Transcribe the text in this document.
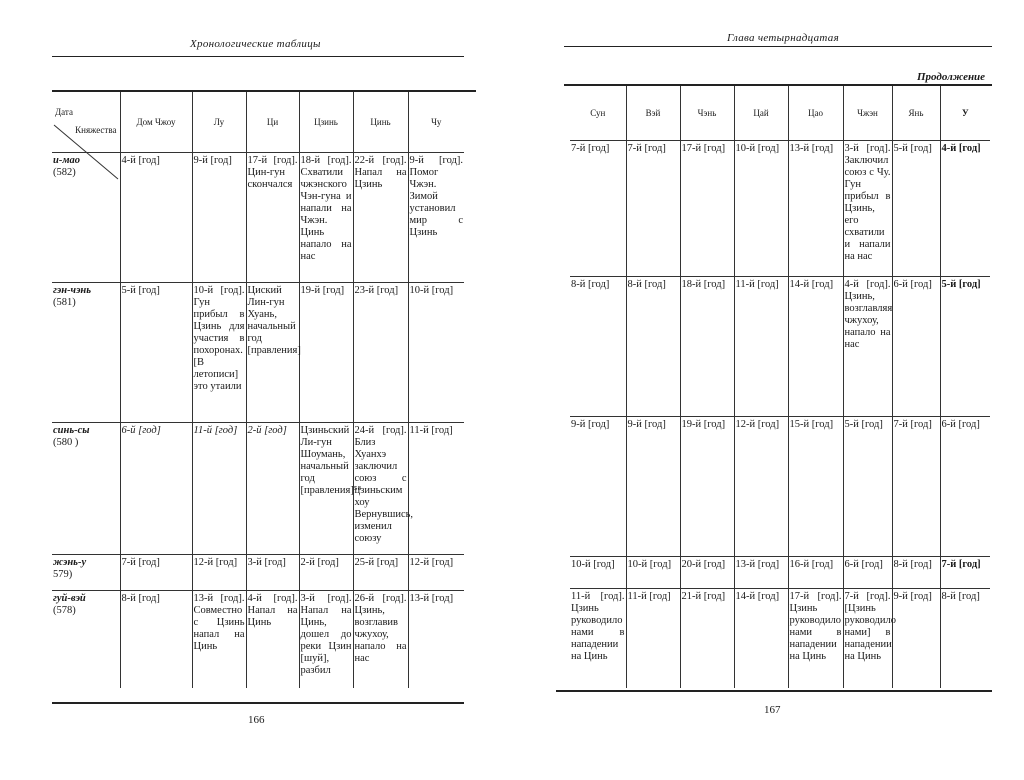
Хронологические таблицы
Княжества
Дата	Дом Чжоу	Лу	Ци	Цзинь	Цинь	Чу

и-мао
(582)	4-й [год]	9-й [год]	17-й [год]. Цин-гун скончался	18-й [год]. Схватили чжэнского Чэн-гуна и напали на Чжэн. Цинь напало на нас	22-й [год]. Напал на Цзинь	9-й [год]. Помог Чжэн. Зимой установил мир с Цзинь

гэн-чэнь
(581)	5-й [год]	10-й [год]. Гун прибыл в Цзинь для участия в похоронах. [В летописи] это утаили	Циский Лин-гун Хуань, начальный год [правления]	19-й [год]	23-й [год]	10-й [год]

синь-сы
(580 )	6-й [год]	11-й [год]	2-й [год]	Цзиньский Ли-гун Шоумань, начальный год [правления]⁵⁸	24-й [год]. Близ Хуанхэ заключил союз с цзиньским хоу Вернувшись, изменил союзу	11-й [год]

жэнь-у
579)	7-й [год]	12-й [год]	3-й [год]	2-й [год]	25-й [год]	12-й [год]

гуй-вэй
(578)	8-й [год]	13-й [год]. Совместно с Цзинь напал на Цинь	4-й [год]. Напал на Цинь	3-й [год]. Напал на Цинь, дошел до реки Цзин [шуй], разбил	26-й [год]. Цзинь, возглавив чжухоу, напало на нас	13-й [год]
166
Глава четырнадцатая
Продолжение
Сун	Вэй	Чэнь	Цай	Цао	Чжэн	Янь	У
7-й [год]	7-й [год]	17-й [год]	10-й [год]	13-й [год]	3-й [год]. Заключил союз с Чу. Гун прибыл в Цзинь, его схватили и напали на нас	5-й [год]	4-й [год]
8-й [год]	8-й [год]	18-й [год]	11-й [год]	14-й [год]	4-й [год]. Цзинь, возглавляя чжухоу, напало на нас	6-й [год]	5-й [год]
9-й [год]	9-й [год]	19-й [год]	12-й [год]	15-й [год]	5-й [год]	7-й [год]	6-й [год]
10-й [год]	10-й [год]	20-й [год]	13-й [год]	16-й [год]	6-й [год]	8-й [год]	7-й [год]
11-й [год]. Цзинь руководило нами в нападении на Цинь	11-й [год]	21-й [год]	14-й [год]	17-й [год]. Цзинь руководило нами в нападении на Цинь	7-й [год]. [Цзинь руководило нами] в нападении на Цинь	9-й [год]	8-й [год]
167
